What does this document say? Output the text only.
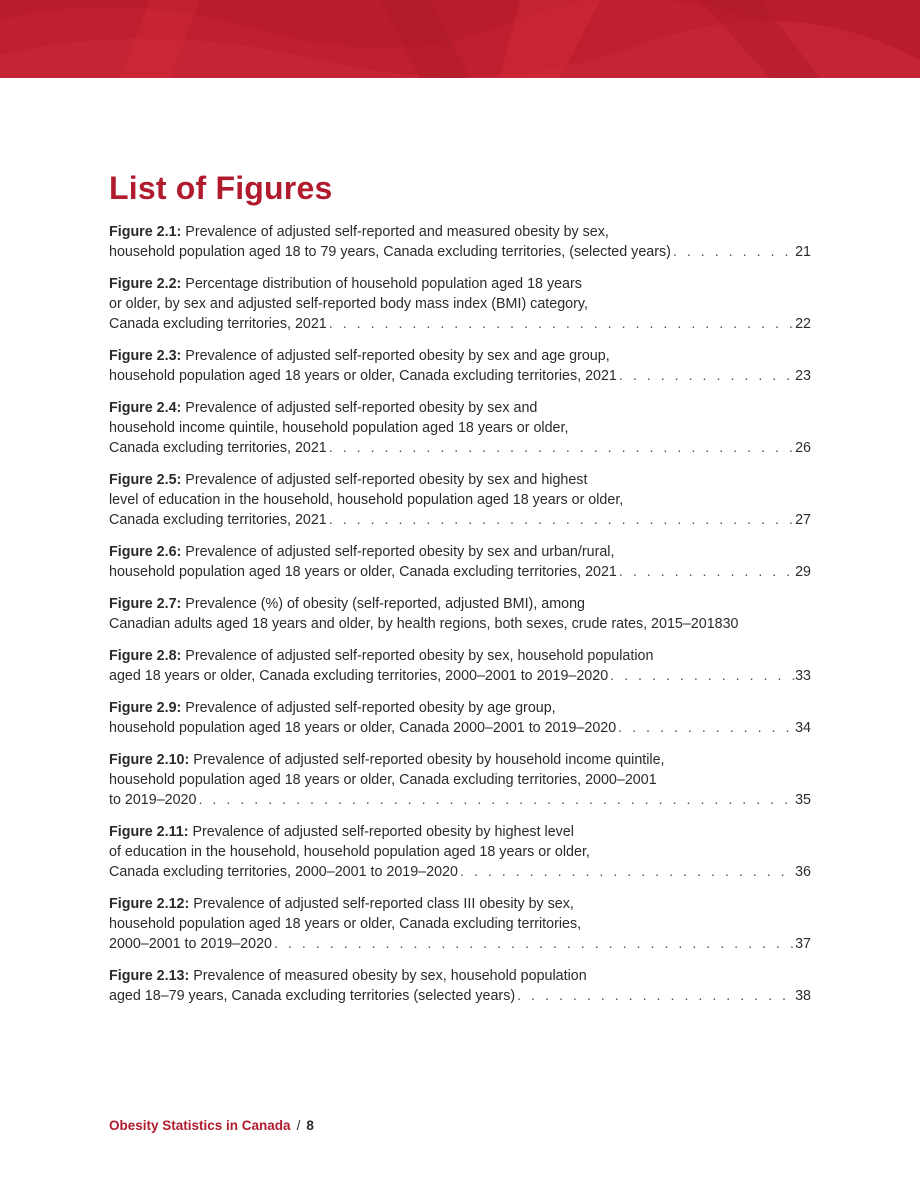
List of Figures
Figure 2.1: Prevalence of adjusted self-reported and measured obesity by sex,
household population aged 18 to 79 years, Canada excluding territories, (selected years) . . .	21
Figure 2.2: Percentage distribution of household population aged 18 years
or older, by sex and adjusted self-reported body mass index (BMI) category,
Canada excluding territories, 2021 . . .	22
Figure 2.3: Prevalence of adjusted self-reported obesity by sex and age group,
household population aged 18 years or older, Canada excluding territories, 2021 . . .	23
Figure 2.4: Prevalence of adjusted self-reported obesity by sex and
household income quintile, household population aged 18 years or older,
Canada excluding territories, 2021 . . .	26
Figure 2.5: Prevalence of adjusted self-reported obesity by sex and highest
level of education in the household, household population aged 18 years or older,
Canada excluding territories, 2021 . . .	27
Figure 2.6: Prevalence of adjusted self-reported obesity by sex and urban/rural,
household population aged 18 years or older, Canada excluding territories, 2021 . . .	29
Figure 2.7: Prevalence (%) of obesity (self-reported, adjusted BMI), among
Canadian adults aged 18 years and older, by health regions, both sexes, crude rates, 2015–2018 30
Figure 2.8: Prevalence of adjusted self-reported obesity by sex, household population
aged 18 years or older, Canada excluding territories, 2000–2001 to 2019–2020 . . .	33
Figure 2.9: Prevalence of adjusted self-reported obesity by age group,
household population aged 18 years or older, Canada 2000–2001 to 2019–2020 . . .	34
Figure 2.10: Prevalence of adjusted self-reported obesity by household income quintile,
household population aged 18 years or older, Canada excluding territories, 2000–2001
to 2019–2020 . . .	35
Figure 2.11: Prevalence of adjusted self-reported obesity by highest level
of education in the household, household population aged 18 years or older,
Canada excluding territories, 2000–2001 to 2019–2020 . . .	36
Figure 2.12: Prevalence of adjusted self-reported class III obesity by sex,
household population aged 18 years or older, Canada excluding territories,
2000–2001 to 2019–2020 . . .	37
Figure 2.13: Prevalence of measured obesity by sex, household population
aged 18–79 years, Canada excluding territories (selected years) . . .	38
Obesity Statistics in Canada / 8
